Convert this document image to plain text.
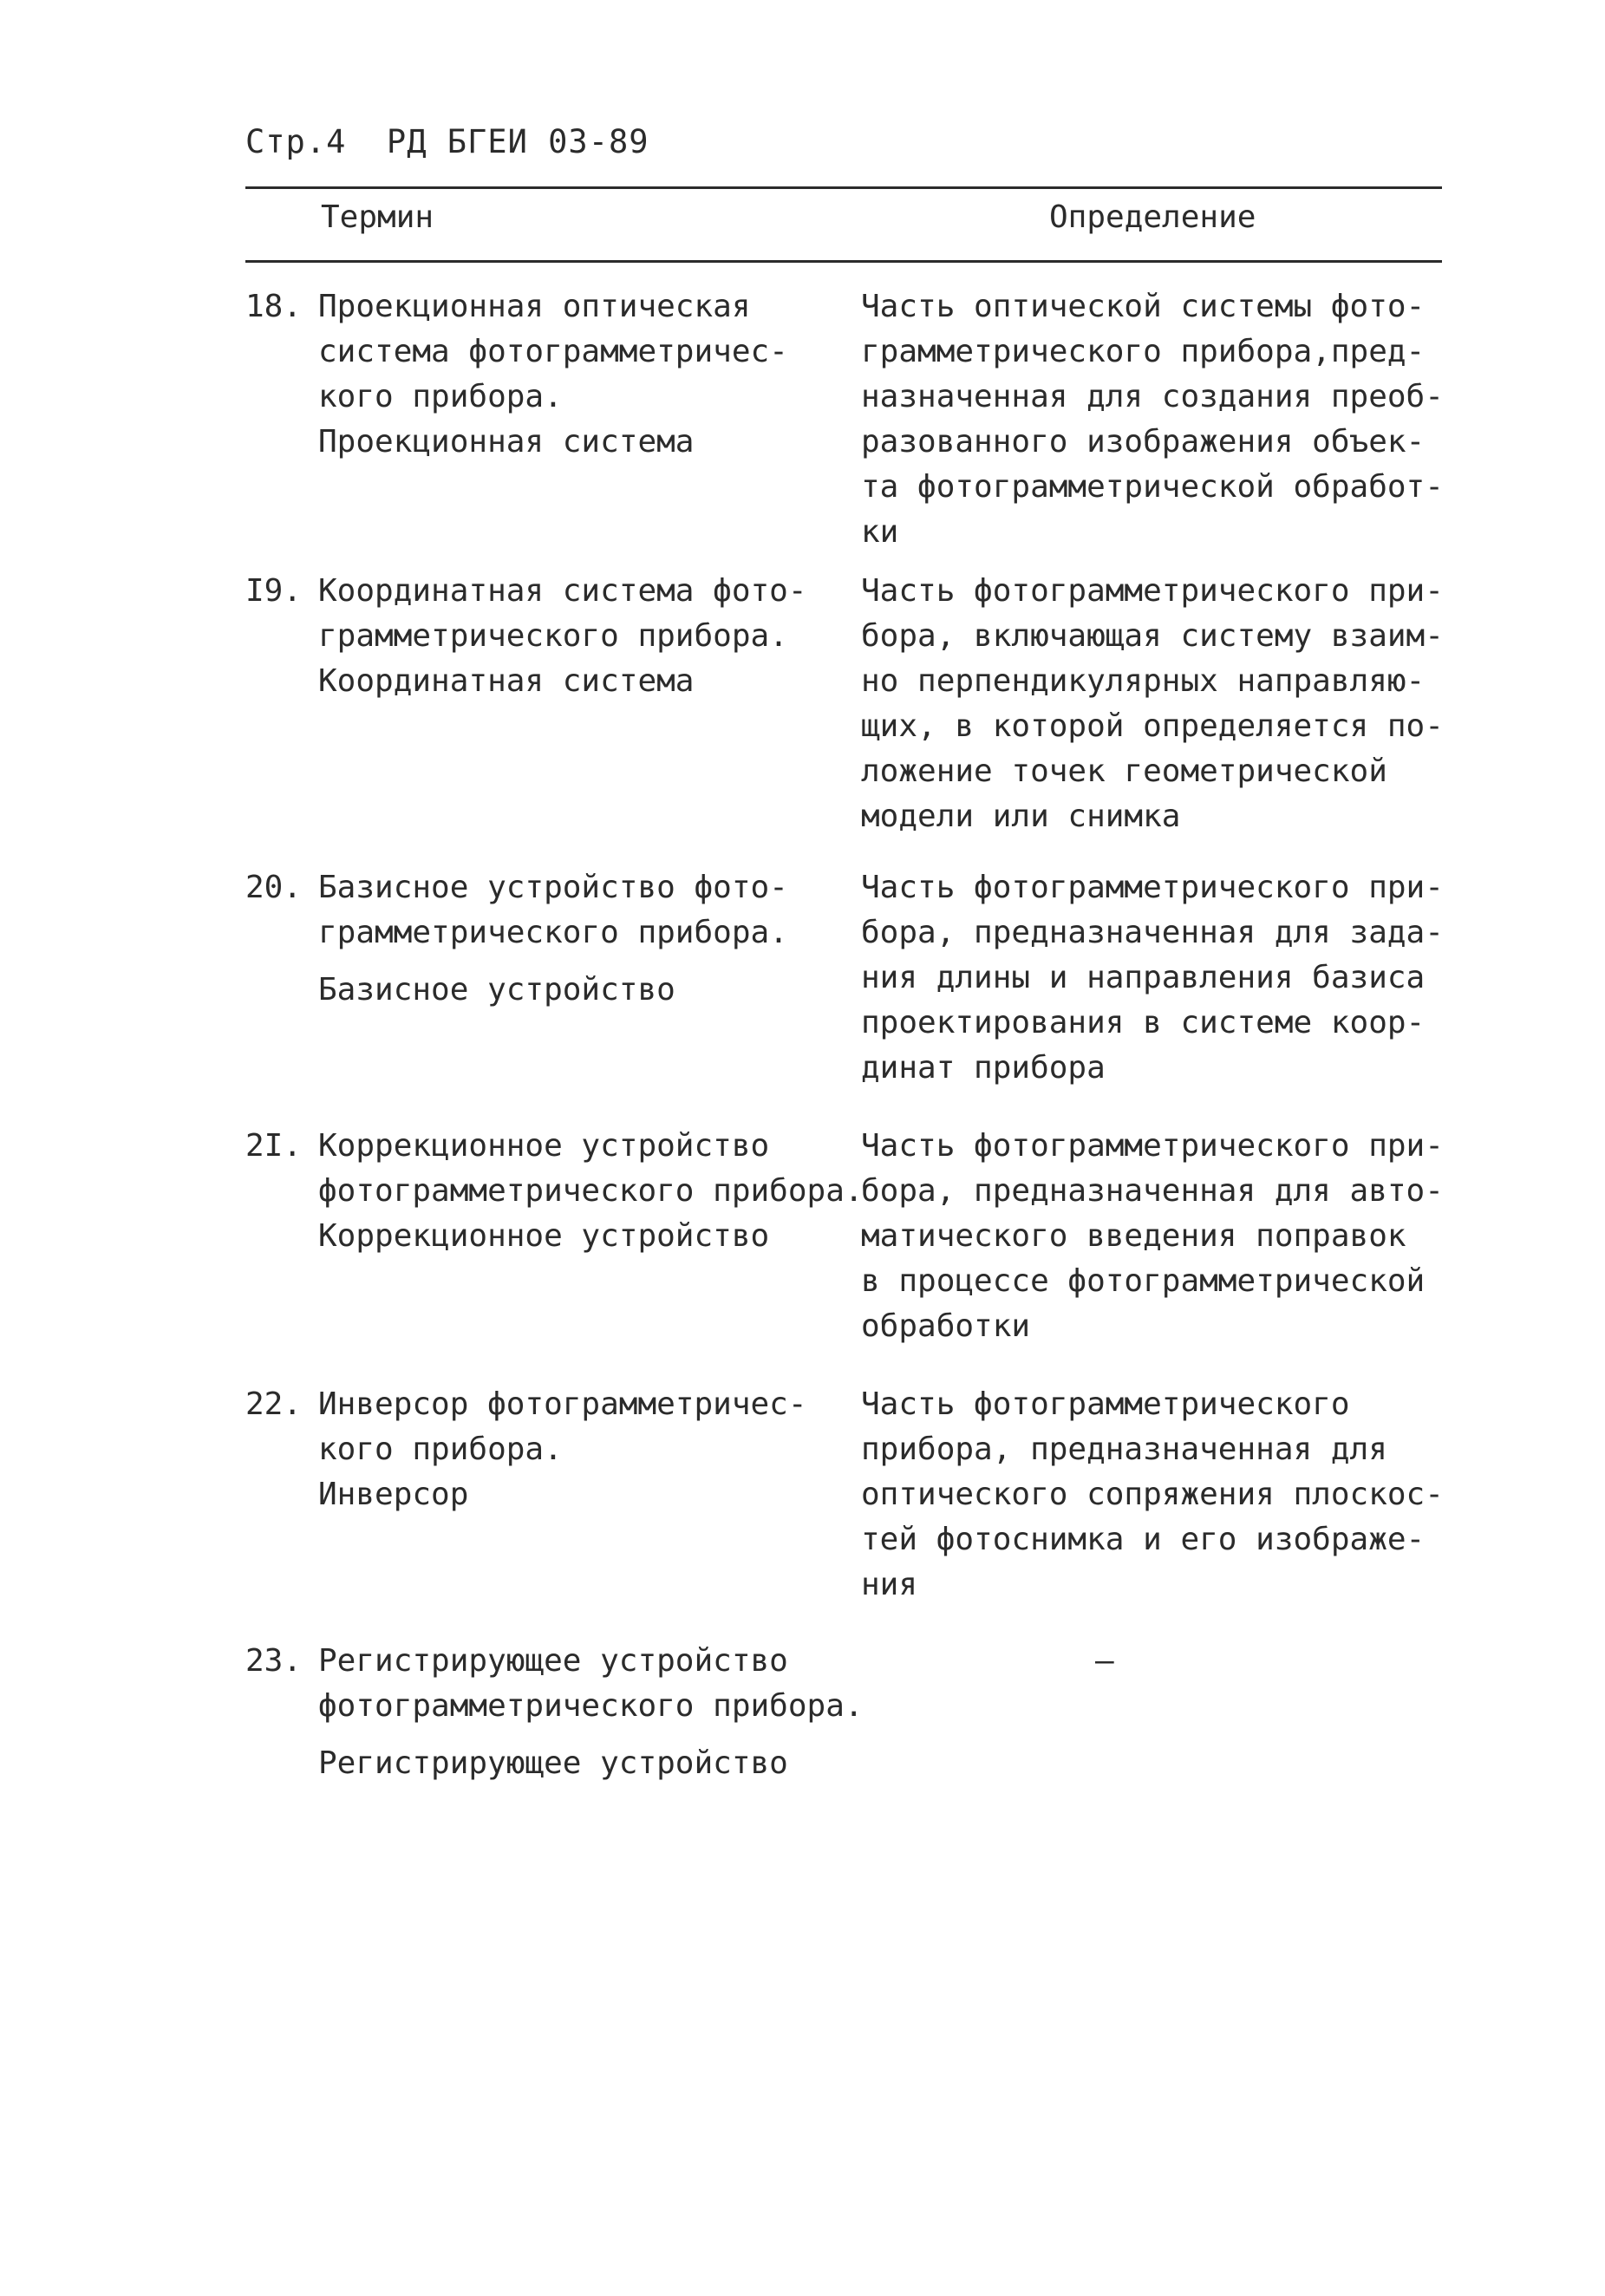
Стр.4  РД БГЕИ 03-89
Термин	Определение
18. Проекционная оптическая
система фотограмметричес-
кого прибора.
Проекционная система
Часть оптической системы фото-
грамметрического прибора,пред-
назначенная для создания преоб-
разованного изображения объек-
та фотограмметрической обработ-
ки
I9. Координатная система фото-
грамметрического прибора.
Координатная система
Часть фотограмметрического при-
бора, включающая систему взаим-
но перпендикулярных направляю-
щих, в которой определяется по-
ложение точек геометрической
модели или снимка
20. Базисное устройство фото-
грамметрического прибора.
Базисное устройство
Часть фотограмметрического при-
бора, предназначенная для зада-
ния длины и направления базиса
проектирования в системе коор-
динат прибора
2I. Коррекционное устройство
фотограмметрического прибора.
Коррекционное устройство
Часть фотограмметрического при-
бора, предназначенная для авто-
матического введения поправок
в процессе фотограмметрической
обработки
22. Инверсор фотограмметричес-
кого прибора.
Инверсор
Часть фотограмметрического
прибора, предназначенная для
оптического сопряжения плоскос-
тей фотоснимка и его изображе-
ния
23. Регистрирующее устройство
фотограмметрического прибора.
Регистрирующее устройство
–
